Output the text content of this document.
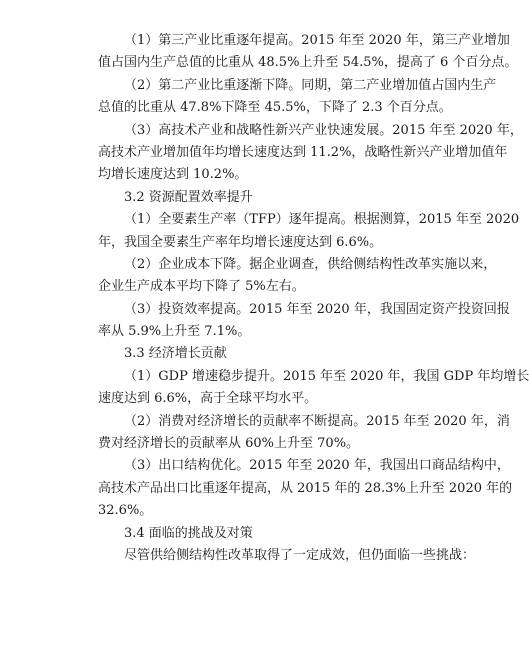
（1）第三产业比重逐年提高。2015 年至 2020 年，第三产业增加
值占国内生产总值的比重从 48.5%上升至 54.5%，提高了 6 个百分点。
（2）第二产业比重逐渐下降。同期，第二产业增加值占国内生产
总值的比重从 47.8%下降至 45.5%，下降了 2.3 个百分点。
（3）高技术产业和战略性新兴产业快速发展。2015 年至 2020 年，
高技术产业增加值年均增长速度达到 11.2%，战略性新兴产业增加值年
均增长速度达到 10.2%。
3.2 资源配置效率提升
（1）全要素生产率（TFP）逐年提高。根据测算，2015 年至 2020
年，我国全要素生产率年均增长速度达到 6.6%。
（2）企业成本下降。据企业调查，供给侧结构性改革实施以来，
企业生产成本平均下降了 5%左右。
（3）投资效率提高。2015 年至 2020 年，我国固定资产投资回报
率从 5.9%上升至 7.1%。
3.3 经济增长贡献
（1）GDP 增速稳步提升。2015 年至 2020 年，我国 GDP 年均增长
速度达到 6.6%，高于全球平均水平。
（2）消费对经济增长的贡献率不断提高。2015 年至 2020 年，消
费对经济增长的贡献率从 60%上升至 70%。
（3）出口结构优化。2015 年至 2020 年，我国出口商品结构中，
高技术产品出口比重逐年提高，从 2015 年的 28.3%上升至 2020 年的
32.6%。
3.4 面临的挑战及对策
尽管供给侧结构性改革取得了一定成效，但仍面临一些挑战：
